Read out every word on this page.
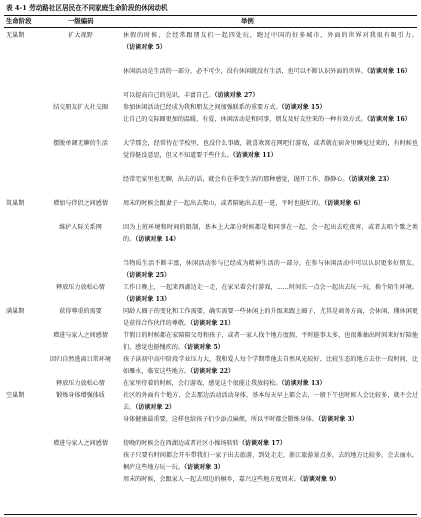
表 4-1 劳动路社区居民在不同家庭生命阶段的休闲动机
生命阶段	一级编码	举例
无巢期	扩大视野	休假的时候，会经常跟朋友们一起四处玩，跑过中国的好多城市，外面的世界对我很有吸引力。（访谈对象 5）
休闲活动是生活的一部分，必不可少，没有休闲就没有生活，也可以不断认识外面的世界。（访谈对象 16）
可以提高自己的见识，丰富自己。（访谈对象 27）
结交朋友扩大社交圈	参加休闲活动已经成为我和朋友之间加强联系的重要方式。（访谈对象 15）
让自己的交际圈更加的温暖，有爱，休闲活动是和同事，朋友及好友往来的一种有效方式。（访谈对象 16）
摆脱单调无聊的生活	大学那会，经常待在学校里，也没什么事做，就喜欢窝在网吧打游戏，或者就在宿舍里睡觉过来的，有时候也觉得挺没意思，但又不知道要干些什么。（访谈对象 11）
经常宅家里也无聊，出去的话，就会有在季变生活的那种感觉，抛开工作，静静心。（访谈对象 23）
筑巢期	增加与伴侣之间感情	周末的时候会跟妻子一起出去爬山，或者陪她出去逛一逛，平时也挺忙的。（访谈对象 6）
维护人际关系网	因为上班环境和时间的限制，基本上大部分时候都是和同事在一起，会一起出去吃夜宵，或者去唱个歌之类的。（访谈对象 14）
当物质生活不断丰富，休闲活动参与已经成为精神生活的一部分，在参与休闲活动中可以认识更多好朋友。（访谈对象 25）
释放压力放松心情	工作日晚上，一起来西湖边走一走，在家呆着会打游戏，……时间长一点会一起出去玩一玩，换个陌生环境。（访谈对象 13）
满巢期	获得尊重的需要	同龄人圈子的变化和工作需要，确实需要一些休闲上的升级来跟上圈子，尤其是商务方面，会休闲、懂休闲更是获得合作伙伴的尊敬。（访谈对象 21）
增进与家人之间感情	节假日的时候都在家陪陪父母和孩子，或者一家人找个地方度假，平时挺事太多，也很难抽出时间来好好陪他们，感觉也挺愧疚的。（访谈对象 5）
回归自然逃离日常环境	孩子读初中高中阶段学业压力大，我和爱人每个学期带他去自然风光较好、比较生态的地方去住一段时间，比如雁水，临安这些地方。（访谈对象 22）
释放压力放松心情	在家里待着的时候，会打游戏，感觉这个很能让我放轻松。（访谈对象 13）
空巢期	锻炼身体增强体质	社区的外面有个地方，会去那边活动活动身体，基本每天早上都会去，一般下午也时候人会比较多，就不会过去。（访谈对象 2）
身体健康最重要，这样也给孩子们少添点麻烦，所以平时都会锻炼身体。（访谈对象 3）
增进与家人之间感情	傍晚的时候会在西湖边或者社区小操场转转（访谈对象 17）
孩子只要有时间都会开车带我们一家子出去旅游，到处走走，浙江旅游景点多，去的地方比较多，会去丽水，桐庐这些地方玩一玩。（访谈对象 3）
周末的时候，会跟家人一起去周边的桐乡，嘉兴这些地方度周末。（访谈对象 9）
